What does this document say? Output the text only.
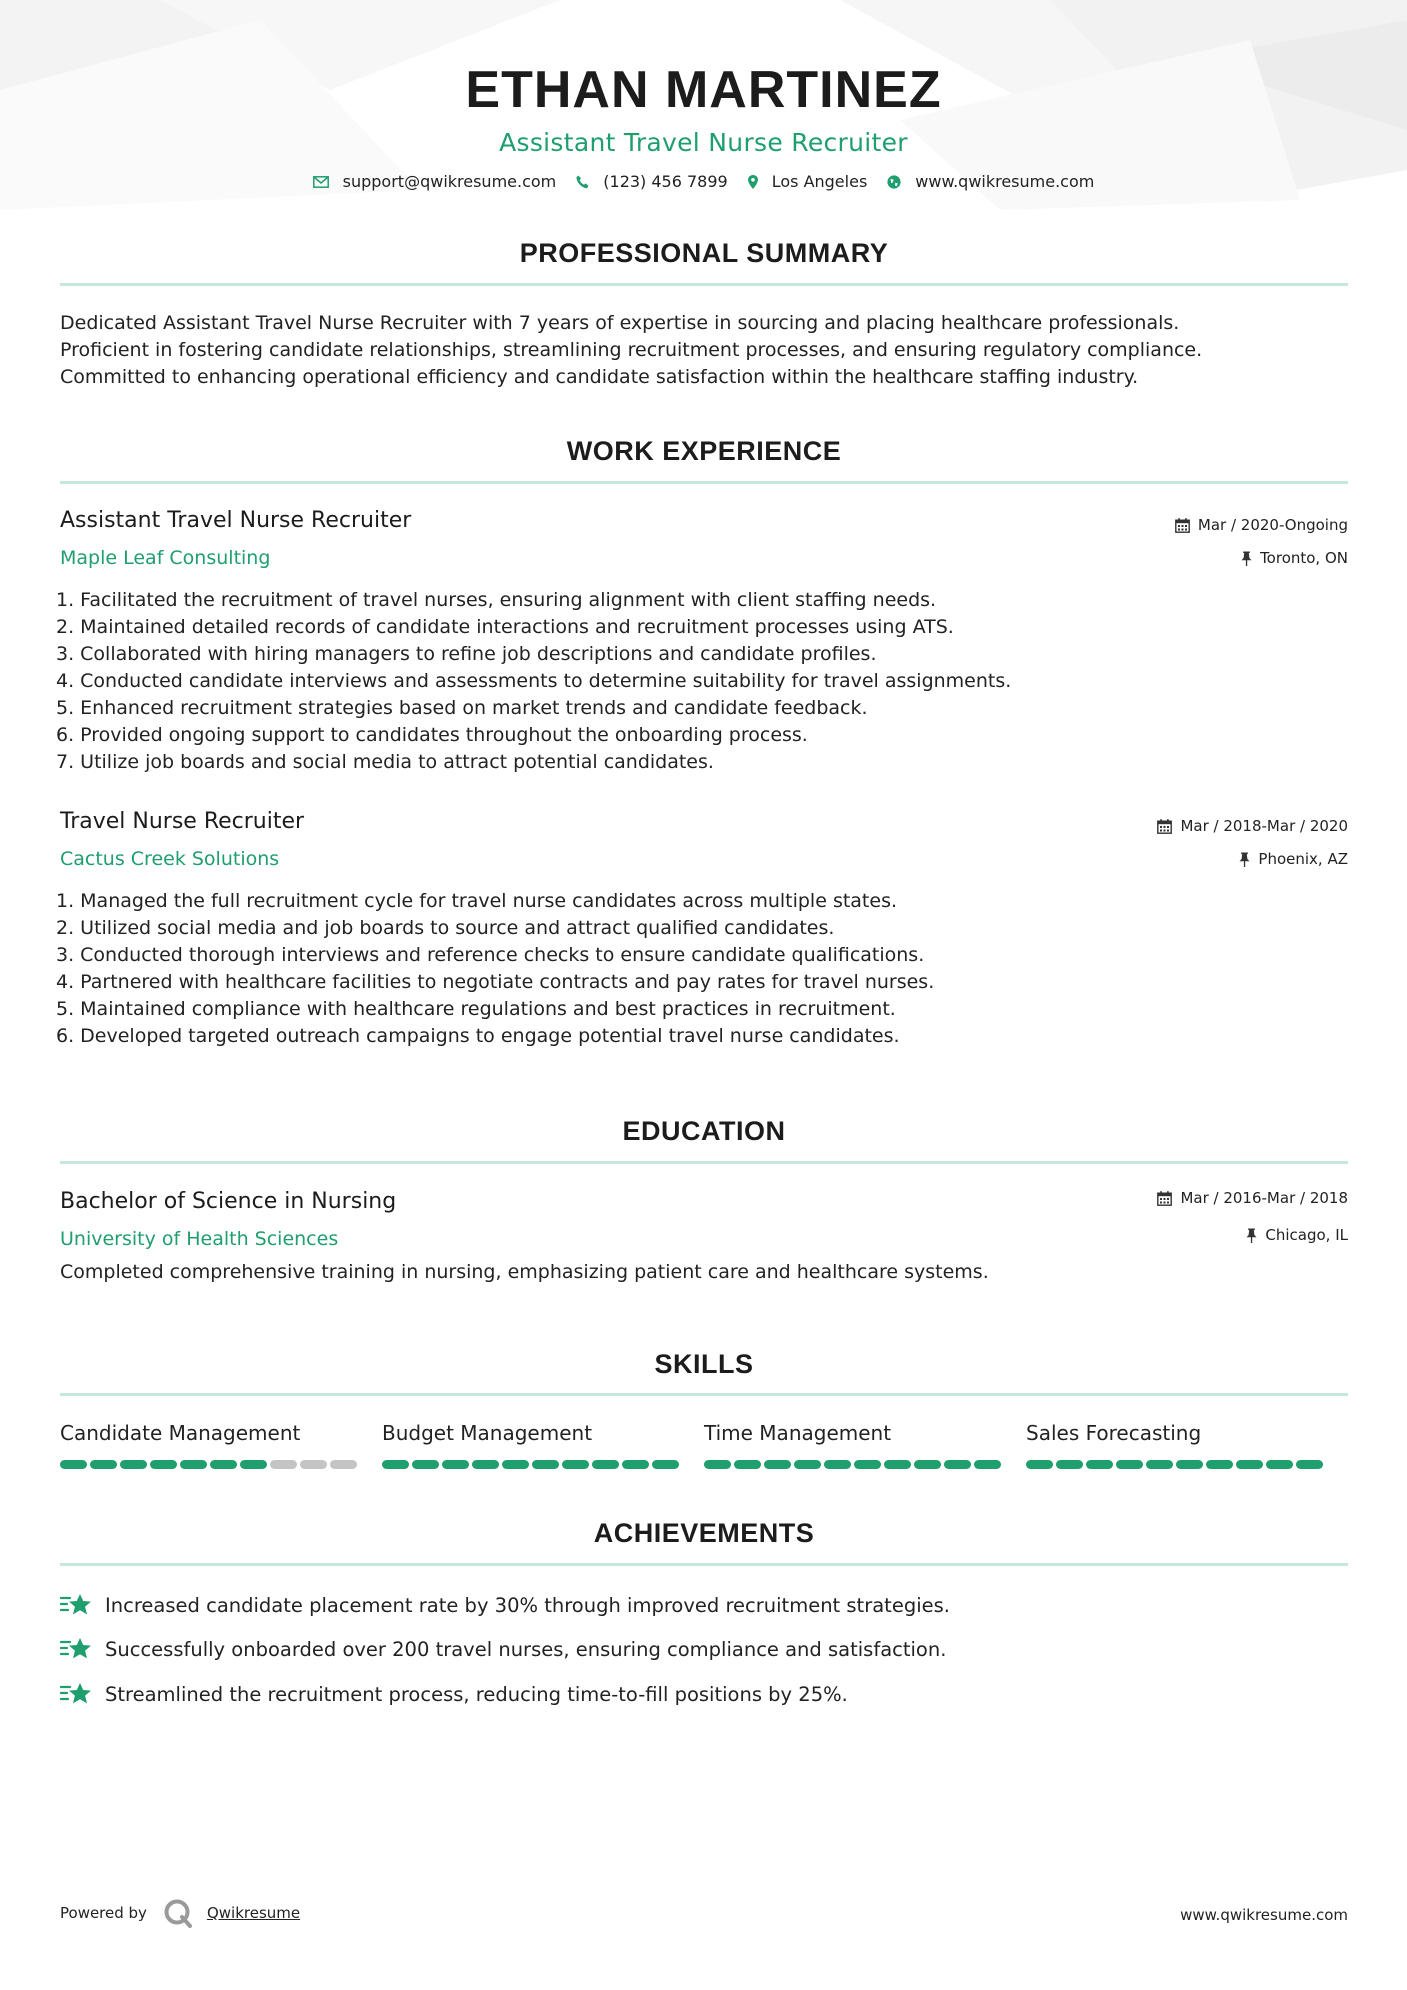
ETHAN MARTINEZ
Assistant Travel Nurse Recruiter
support@qwikresume.com	(123) 456 7899	Los Angeles	www.qwikresume.com
PROFESSIONAL SUMMARY
Dedicated Assistant Travel Nurse Recruiter with 7 years of expertise in sourcing and placing healthcare professionals.
Proficient in fostering candidate relationships, streamlining recruitment processes, and ensuring regulatory compliance.
Committed to enhancing operational efficiency and candidate satisfaction within the healthcare staffing industry.
WORK EXPERIENCE
Assistant Travel Nurse Recruiter
Maple Leaf Consulting
Mar / 2020-Ongoing
Toronto, ON
1. Facilitated the recruitment of travel nurses, ensuring alignment with client staffing needs.
2. Maintained detailed records of candidate interactions and recruitment processes using ATS.
3. Collaborated with hiring managers to refine job descriptions and candidate profiles.
4. Conducted candidate interviews and assessments to determine suitability for travel assignments.
5. Enhanced recruitment strategies based on market trends and candidate feedback.
6. Provided ongoing support to candidates throughout the onboarding process.
7. Utilize job boards and social media to attract potential candidates.
Travel Nurse Recruiter
Cactus Creek Solutions
Mar / 2018-Mar / 2020
Phoenix, AZ
1. Managed the full recruitment cycle for travel nurse candidates across multiple states.
2. Utilized social media and job boards to source and attract qualified candidates.
3. Conducted thorough interviews and reference checks to ensure candidate qualifications.
4. Partnered with healthcare facilities to negotiate contracts and pay rates for travel nurses.
5. Maintained compliance with healthcare regulations and best practices in recruitment.
6. Developed targeted outreach campaigns to engage potential travel nurse candidates.
EDUCATION
Bachelor of Science in Nursing
University of Health Sciences
Mar / 2016-Mar / 2018
Chicago, IL
Completed comprehensive training in nursing, emphasizing patient care and healthcare systems.
SKILLS
Candidate Management	Budget Management	Time Management	Sales Forecasting
ACHIEVEMENTS
Increased candidate placement rate by 30% through improved recruitment strategies.
Successfully onboarded over 200 travel nurses, ensuring compliance and satisfaction.
Streamlined the recruitment process, reducing time-to-fill positions by 25%.
Powered by	Qwikresume	www.qwikresume.com
